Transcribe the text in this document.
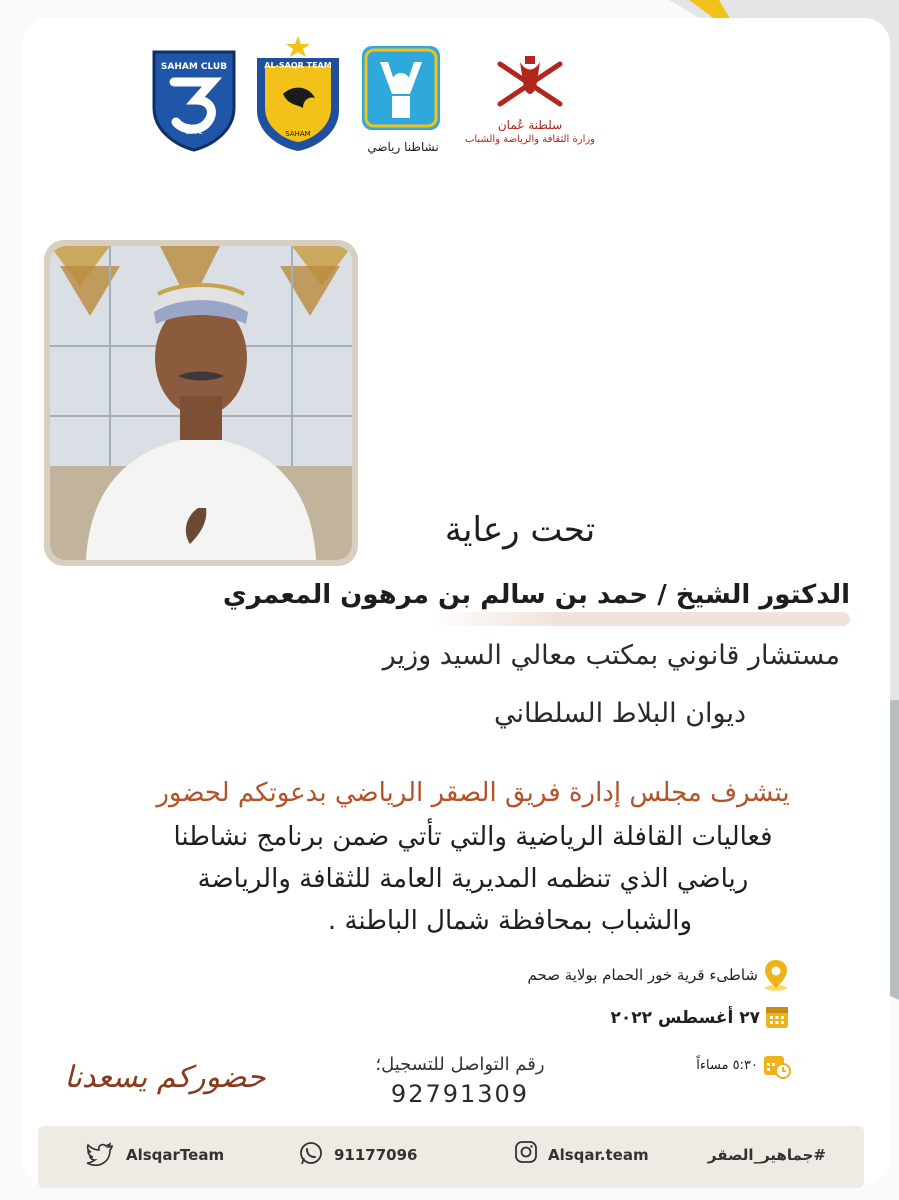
SAHAM CLUB
1972
AL-SAQR TEAM
SAHAM
نشاطنا رياضي
سلطنة عُمان
وزارة الثقافة والرياضة والشباب
تحت رعاية
الدكتور الشيخ / حمد بن سالم بن مرهون المعمري
مستشار قانوني بمكتب معالي السيد وزير
ديوان البلاط السلطاني
يتشرف مجلس إدارة فريق الصقر الرياضي بدعوتكم لحضور
فعاليات القافلة الرياضية والتي تأتي ضمن برنامج نشاطنا
رياضي الذي تنظمه المديرية العامة للثقافة والرياضة
والشباب بمحافظة شمال الباطنة .
شاطىء قرية خور الحمام بولاية صحم
٢٧ أغسطس ٢٠٢٢
٥:٣٠ مساءاً
رقم التواصل للتسجيل؛
92791309
حضوركم يسعدنا
AlsqarTeam	91177096	Alsqar.team	#جماهير_الصقر
